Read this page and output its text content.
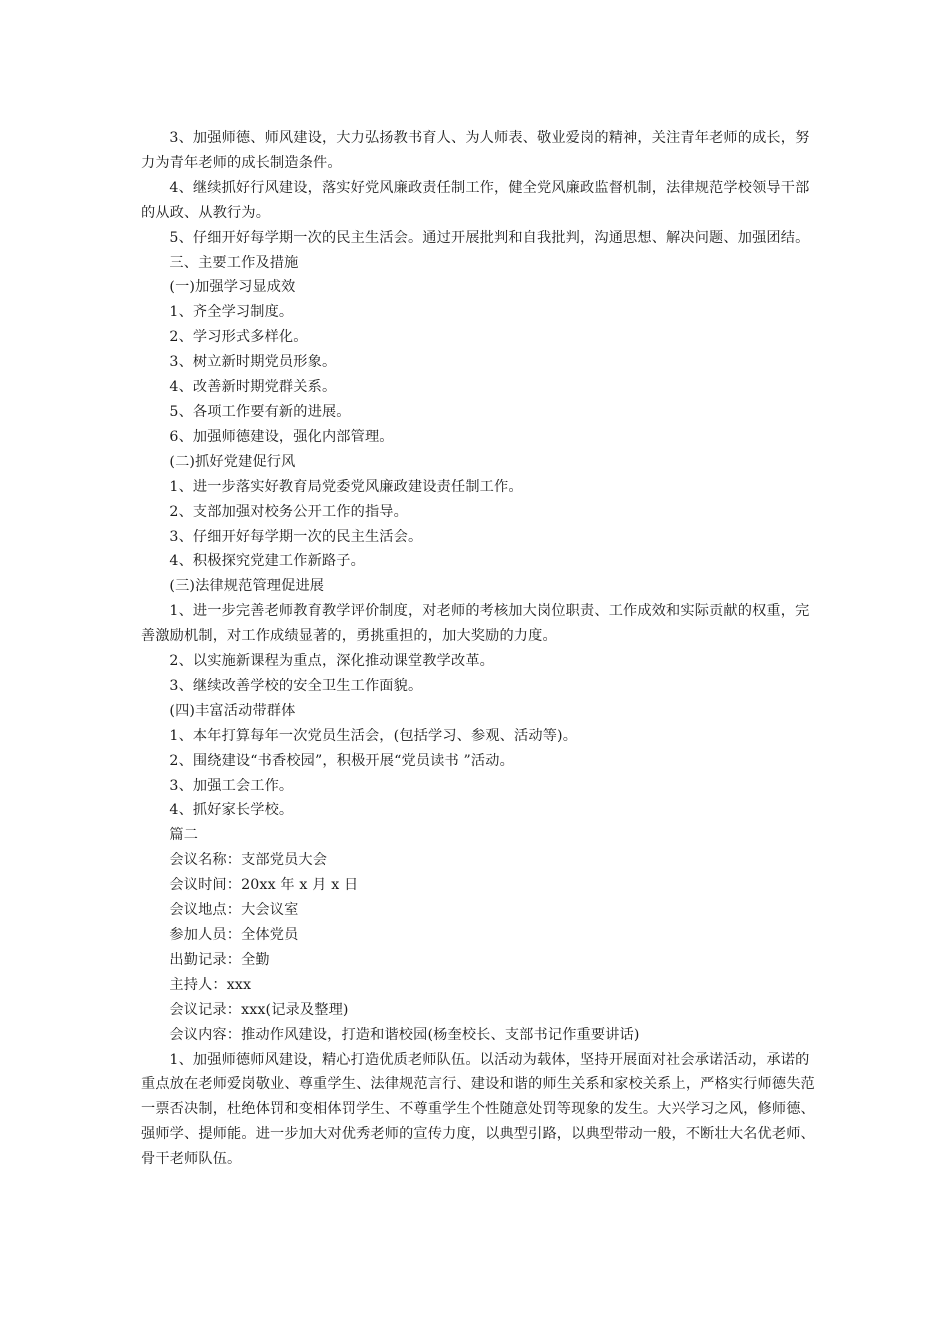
3、加强师德、师风建设，大力弘扬教书育人、为人师表、敬业爱岗的精神，关注青年老师的成长，努力为青年老师的成长制造条件。

4、继续抓好行风建设，落实好党风廉政责任制工作，健全党风廉政监督机制，法律规范学校领导干部的从政、从教行为。

5、仔细开好每学期一次的民主生活会。通过开展批判和自我批判，沟通思想、解决问题、加强团结。

三、主要工作及措施

(一)加强学习显成效

1、齐全学习制度。

2、学习形式多样化。

3、树立新时期党员形象。

4、改善新时期党群关系。

5、各项工作要有新的进展。

6、加强师德建设，强化内部管理。

(二)抓好党建促行风

1、进一步落实好教育局党委党风廉政建设责任制工作。

2、支部加强对校务公开工作的指导。

3、仔细开好每学期一次的民主生活会。

4、积极探究党建工作新路子。

(三)法律规范管理促进展

1、进一步完善老师教育教学评价制度，对老师的考核加大岗位职责、工作成效和实际贡献的权重，完善激励机制，对工作成绩显著的，勇挑重担的，加大奖励的力度。

2、以实施新课程为重点，深化推动课堂教学改革。

3、继续改善学校的安全卫生工作面貌。

(四)丰富活动带群体

1、本年打算每年一次党员生活会，(包括学习、参观、活动等)。

2、围绕建设“书香校园”，积极开展“党员读书 ”活动。

3、加强工会工作。

4、抓好家长学校。

篇二

会议名称：支部党员大会

会议时间：20xx 年 x 月 x 日

会议地点：大会议室

参加人员：全体党员

出勤记录：全勤

主持人：xxx

会议记录：xxx(记录及整理)

会议内容：推动作风建设，打造和谐校园(杨奎校长、支部书记作重要讲话)

1、加强师德师风建设，精心打造优质老师队伍。以活动为载体，坚持开展面对社会承诺活动，承诺的重点放在老师爱岗敬业、尊重学生、法律规范言行、建设和谐的师生关系和家校关系上，严格实行师德失范一票否决制，杜绝体罚和变相体罚学生、不尊重学生个性随意处罚等现象的发生。大兴学习之风，修师德、强师学、提师能。进一步加大对优秀老师的宣传力度，以典型引路，以典型带动一般，不断壮大名优老师、骨干老师队伍。
